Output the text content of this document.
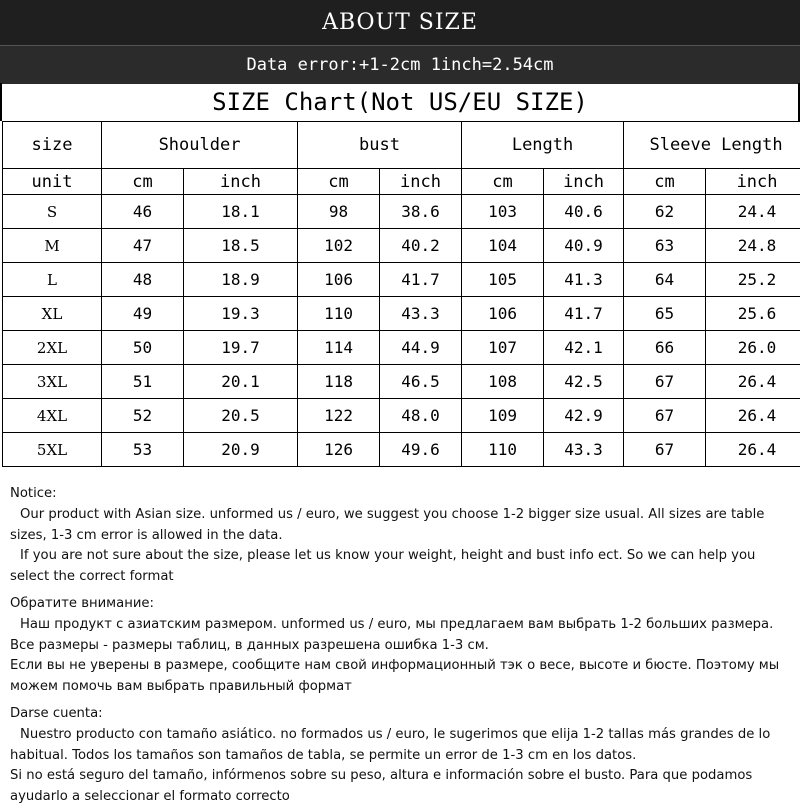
ABOUT SIZE
Data error:+1-2cm 1inch=2.54cm
SIZE Chart(Not US/EU SIZE)
size	Shoulder		bust		Length		Sleeve Length	
unit	cm	inch	cm	inch	cm	inch	cm	inch
S	46	18.1	98	38.6	103	40.6	62	24.4
M	47	18.5	102	40.2	104	40.9	63	24.8
L	48	18.9	106	41.7	105	41.3	64	25.2
XL	49	19.3	110	43.3	106	41.7	65	25.6
2XL	50	19.7	114	44.9	107	42.1	66	26.0
3XL	51	20.1	118	46.5	108	42.5	67	26.4
4XL	52	20.5	122	48.0	109	42.9	67	26.4
5XL	53	20.9	126	49.6	110	43.3	67	26.4

Notice:

Our product with Asian size. unformed us / euro, we suggest you choose 1-2 bigger size usual. All sizes are table sizes, 1-3 cm error is allowed in the data.

If you are not sure about the size, please let us know your weight, height and bust info ect. So we can help you select the correct format

Обратите внимание:

Наш продукт с азиатским размером. unformed us / euro, мы предлагаем вам выбрать 1-2 больших размера. Все размеры - размеры таблиц, в данных разрешена ошибка 1-3 см.

Если вы не уверены в размере, сообщите нам свой информационный тэк о весе, высоте и бюсте. Поэтому мы можем помочь вам выбрать правильный формат

Darse cuenta:

Nuestro producto con tamaño asiático. no formados us / euro, le sugerimos que elija 1-2 tallas más grandes de lo habitual. Todos los tamaños son tamaños de tabla, se permite un error de 1-3 cm en los datos.

Si no está seguro del tamaño, infórmenos sobre su peso, altura e información sobre el busto. Para que podamos ayudarlo a seleccionar el formato correcto
